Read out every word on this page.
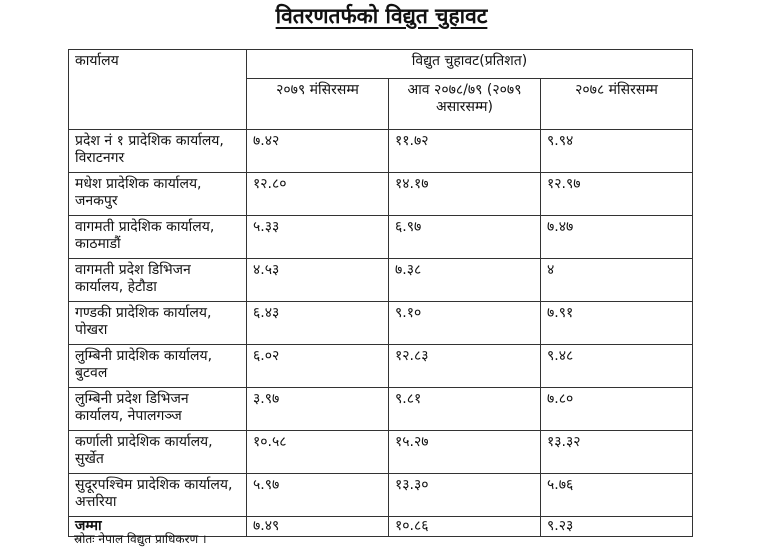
वितरणतर्फको विद्युत चुहावट
कार्यालय	विद्युत चुहावट(प्रतिशत)		
	२०७९ मंसिरसम्म	आव २०७८/७९ (२०७९ असारसम्म)	२०७८ मंसिरसम्म
प्रदेश नं १ प्रादेशिक कार्यालय, विराटनगर	७.४२	११.७२	९.९४
मधेश प्रादेशिक कार्यालय, जनकपुर	१२.८०	१४.१७	१२.९७
वागमती प्रादेशिक कार्यालय, काठमाडौं	५.३३	६.९७	७.४७
वागमती प्रदेश डिभिजन कार्यालय, हेटौडा	४.५३	७.३८	४
गण्डकी प्रादेशिक कार्यालय, पोखरा	६.४३	९.१०	७.९१
लुम्बिनी प्रादेशिक कार्यालय, बुटवल	६.०२	१२.८३	९.४८
लुम्बिनी प्रदेश डिभिजन कार्यालय, नेपालगञ्ज	३.९७	९.८१	७.८०
कर्णाली प्रादेशिक कार्यालय, सुर्खेत	१०.५८	१५.२७	१३.३२
सुदूरपश्चिम प्रादेशिक कार्यालय, अत्तरिया	५.९७	१३.३०	५.७६
जम्मा	७.४९	१०.८६	९.२३
स्रोतः नेपाल विद्युत प्राधिकरण ।
